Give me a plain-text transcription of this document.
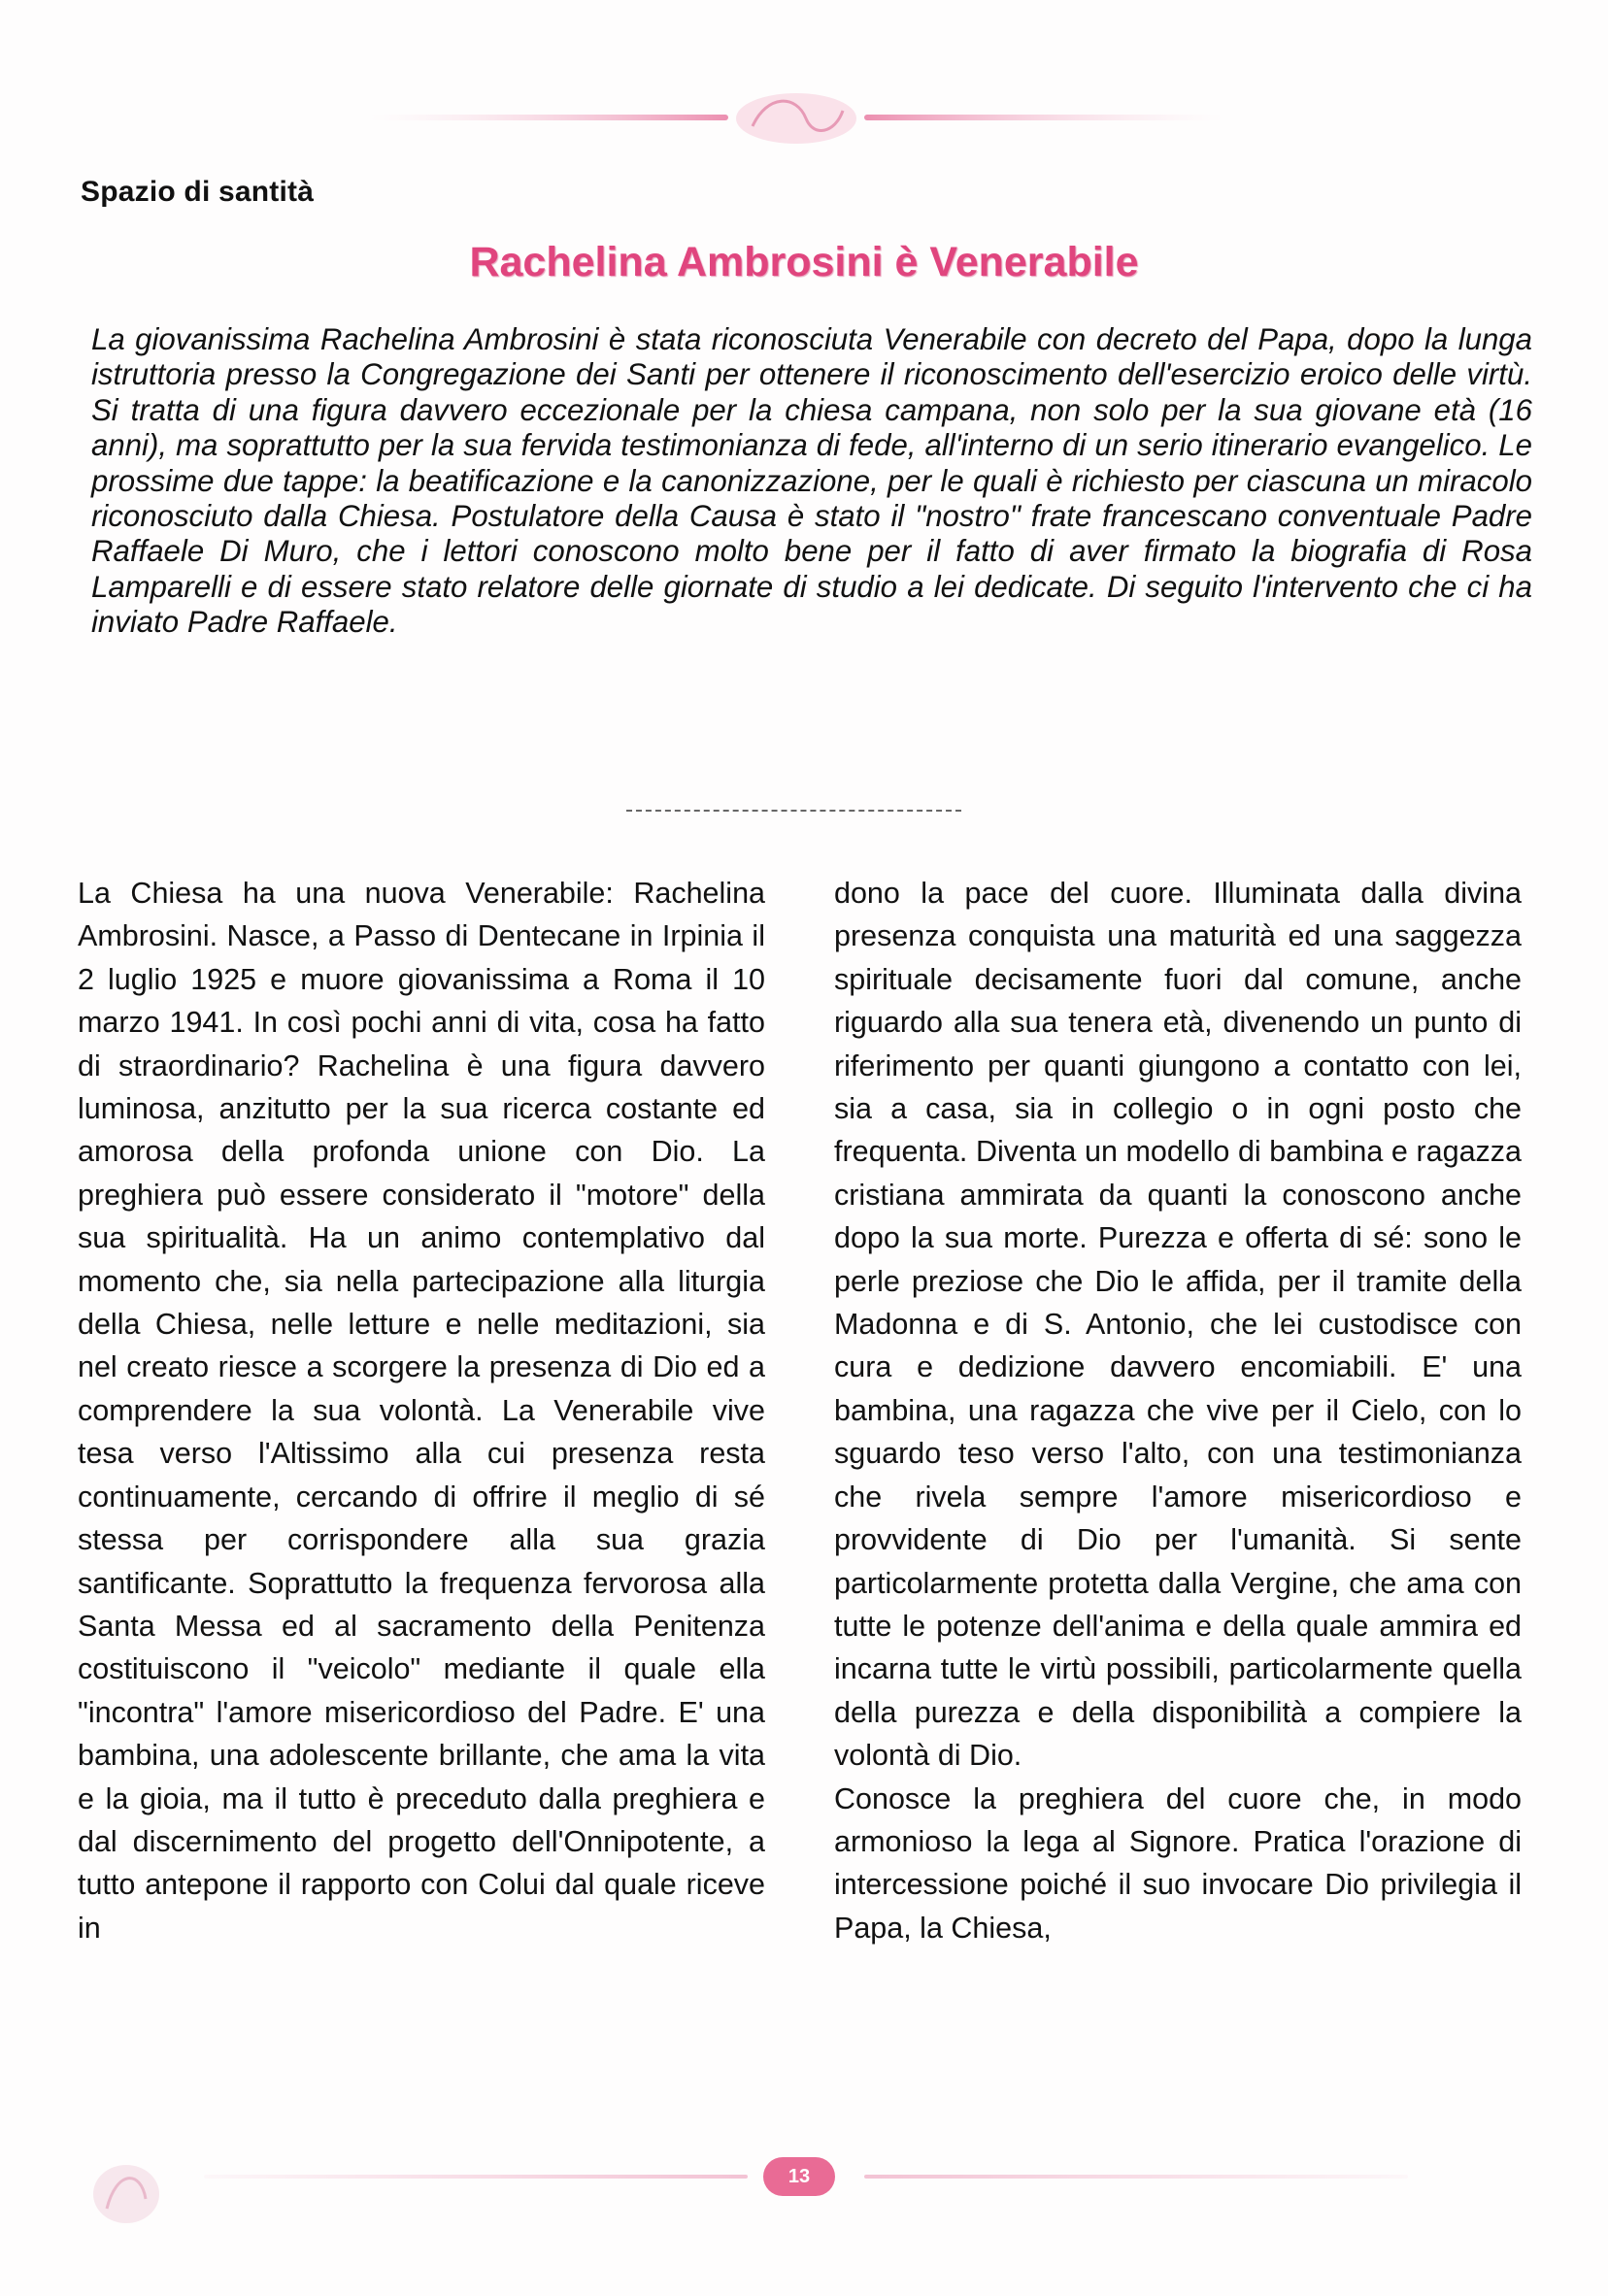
Spazio di santità
Rachelina Ambrosini è Venerabile
La giovanissima Rachelina Ambrosini è stata riconosciuta Venerabile con decreto del Papa, dopo la lunga istruttoria presso la Congregazione dei Santi per ottenere il riconoscimento dell'esercizio eroico delle virtù. Si tratta di una figura davvero eccezionale per la chiesa campana, non solo per la sua giovane età (16 anni), ma soprattutto per la sua fervida testimonianza di fede, all'interno di un serio itinerario evangelico. Le prossime due tappe: la beatificazione e la canonizzazione, per le quali è richiesto per ciascuna un miracolo riconosciuto dalla Chiesa. Postulatore della Causa è stato il "nostro" frate francescano conventuale Padre Raffaele Di Muro, che i lettori conoscono molto bene per il fatto di aver firmato la biografia di Rosa Lamparelli e di essere stato relatore delle giornate di studio a lei dedicate. Di seguito l'intervento che ci ha inviato Padre Raffaele.

La Chiesa ha una nuova Venerabile: Rachelina Ambrosini. Nasce, a Passo di Dentecane in Irpinia il 2 luglio 1925 e muore giovanissima a Roma il 10 marzo 1941. In così pochi anni di vita, cosa ha fatto di straordinario? Rachelina è una figura davvero luminosa, anzitutto per la sua ricerca costante ed amorosa della profonda unione con Dio. La preghiera può essere considerato il "motore" della sua spiritualità. Ha un animo contemplativo dal momento che, sia nella partecipazione alla liturgia della Chiesa, nelle letture e nelle meditazioni, sia nel creato riesce a scorgere la presenza di Dio ed a comprendere la sua volontà. La Venerabile vive tesa verso l'Altissimo alla cui presenza resta continuamente, cercando di offrire il meglio di sé stessa per corrispondere alla sua grazia santificante. Soprattutto la frequenza fervorosa alla Santa Messa ed al sacramento della Penitenza costituiscono il "veicolo" mediante il quale ella "incontra" l'amore misericordioso del Padre. E' una bambina, una adolescente brillante, che ama la vita e la gioia, ma il tutto è preceduto dalla preghiera e dal discernimento del progetto dell'Onnipotente, a tutto antepone il rapporto con Colui dal quale riceve in

dono la pace del cuore. Illuminata dalla divina presenza conquista una maturità ed una saggezza spirituale decisamente fuori dal comune, anche riguardo alla sua tenera età, divenendo un punto di riferimento per quanti giungono a contatto con lei, sia a casa, sia in collegio o in ogni posto che frequenta. Diventa un modello di bambina e ragazza cristiana ammirata da quanti la conoscono anche dopo la sua morte. Purezza e offerta di sé: sono le perle preziose che Dio le affida, per il tramite della Madonna e di S. Antonio, che lei custodisce con cura e dedizione davvero encomiabili. E' una bambina, una ragazza che vive per il Cielo, con lo sguardo teso verso l'alto, con una testimonianza che rivela sempre l'amore misericordioso e provvidente di Dio per l'umanità. Si sente particolarmente protetta dalla Vergine, che ama con tutte le potenze dell'anima e della quale ammira ed incarna tutte le virtù possibili, particolarmente quella della purezza e della disponibilità a compiere la volontà di Dio.

Conosce la preghiera del cuore che, in modo armonioso la lega al Signore. Pratica l'orazione di intercessione poiché il suo invocare Dio privilegia il Papa, la Chiesa,

13
